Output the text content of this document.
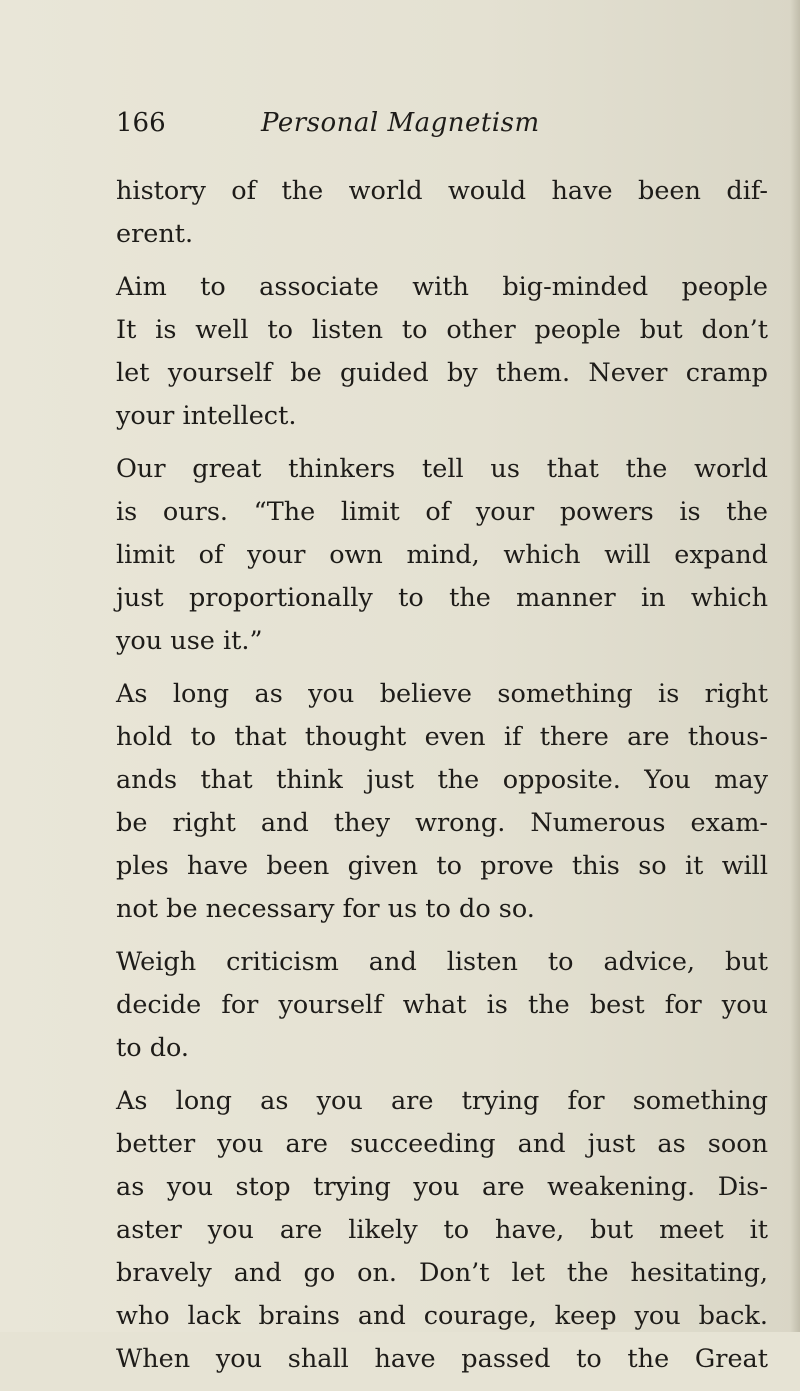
166	Personal Magnetism

history of the world would have been dif-
erent.

Aim to associate with big-minded people
It is well to listen to other people but don’t
let yourself be guided by them. Never cramp
your intellect.

Our great thinkers tell us that the world
is ours. “The limit of your powers is the
limit of your own mind, which will expand
just proportionally to the manner in which
you use it.”

As long as you believe something is right
hold to that thought even if there are thous-
ands that think just the opposite. You may
be right and they wrong. Numerous exam-
ples have been given to prove this so it will
not be necessary for us to do so.

Weigh criticism and listen to advice, but
decide for yourself what is the best for you
to do.

As long as you are trying for something
better you are succeeding and just as soon
as you stop trying you are weakening. Dis-
aster you are likely to have, but meet it
bravely and go on. Don’t let the hesitating,
who lack brains and courage, keep you back.
When you shall have passed to the Great
